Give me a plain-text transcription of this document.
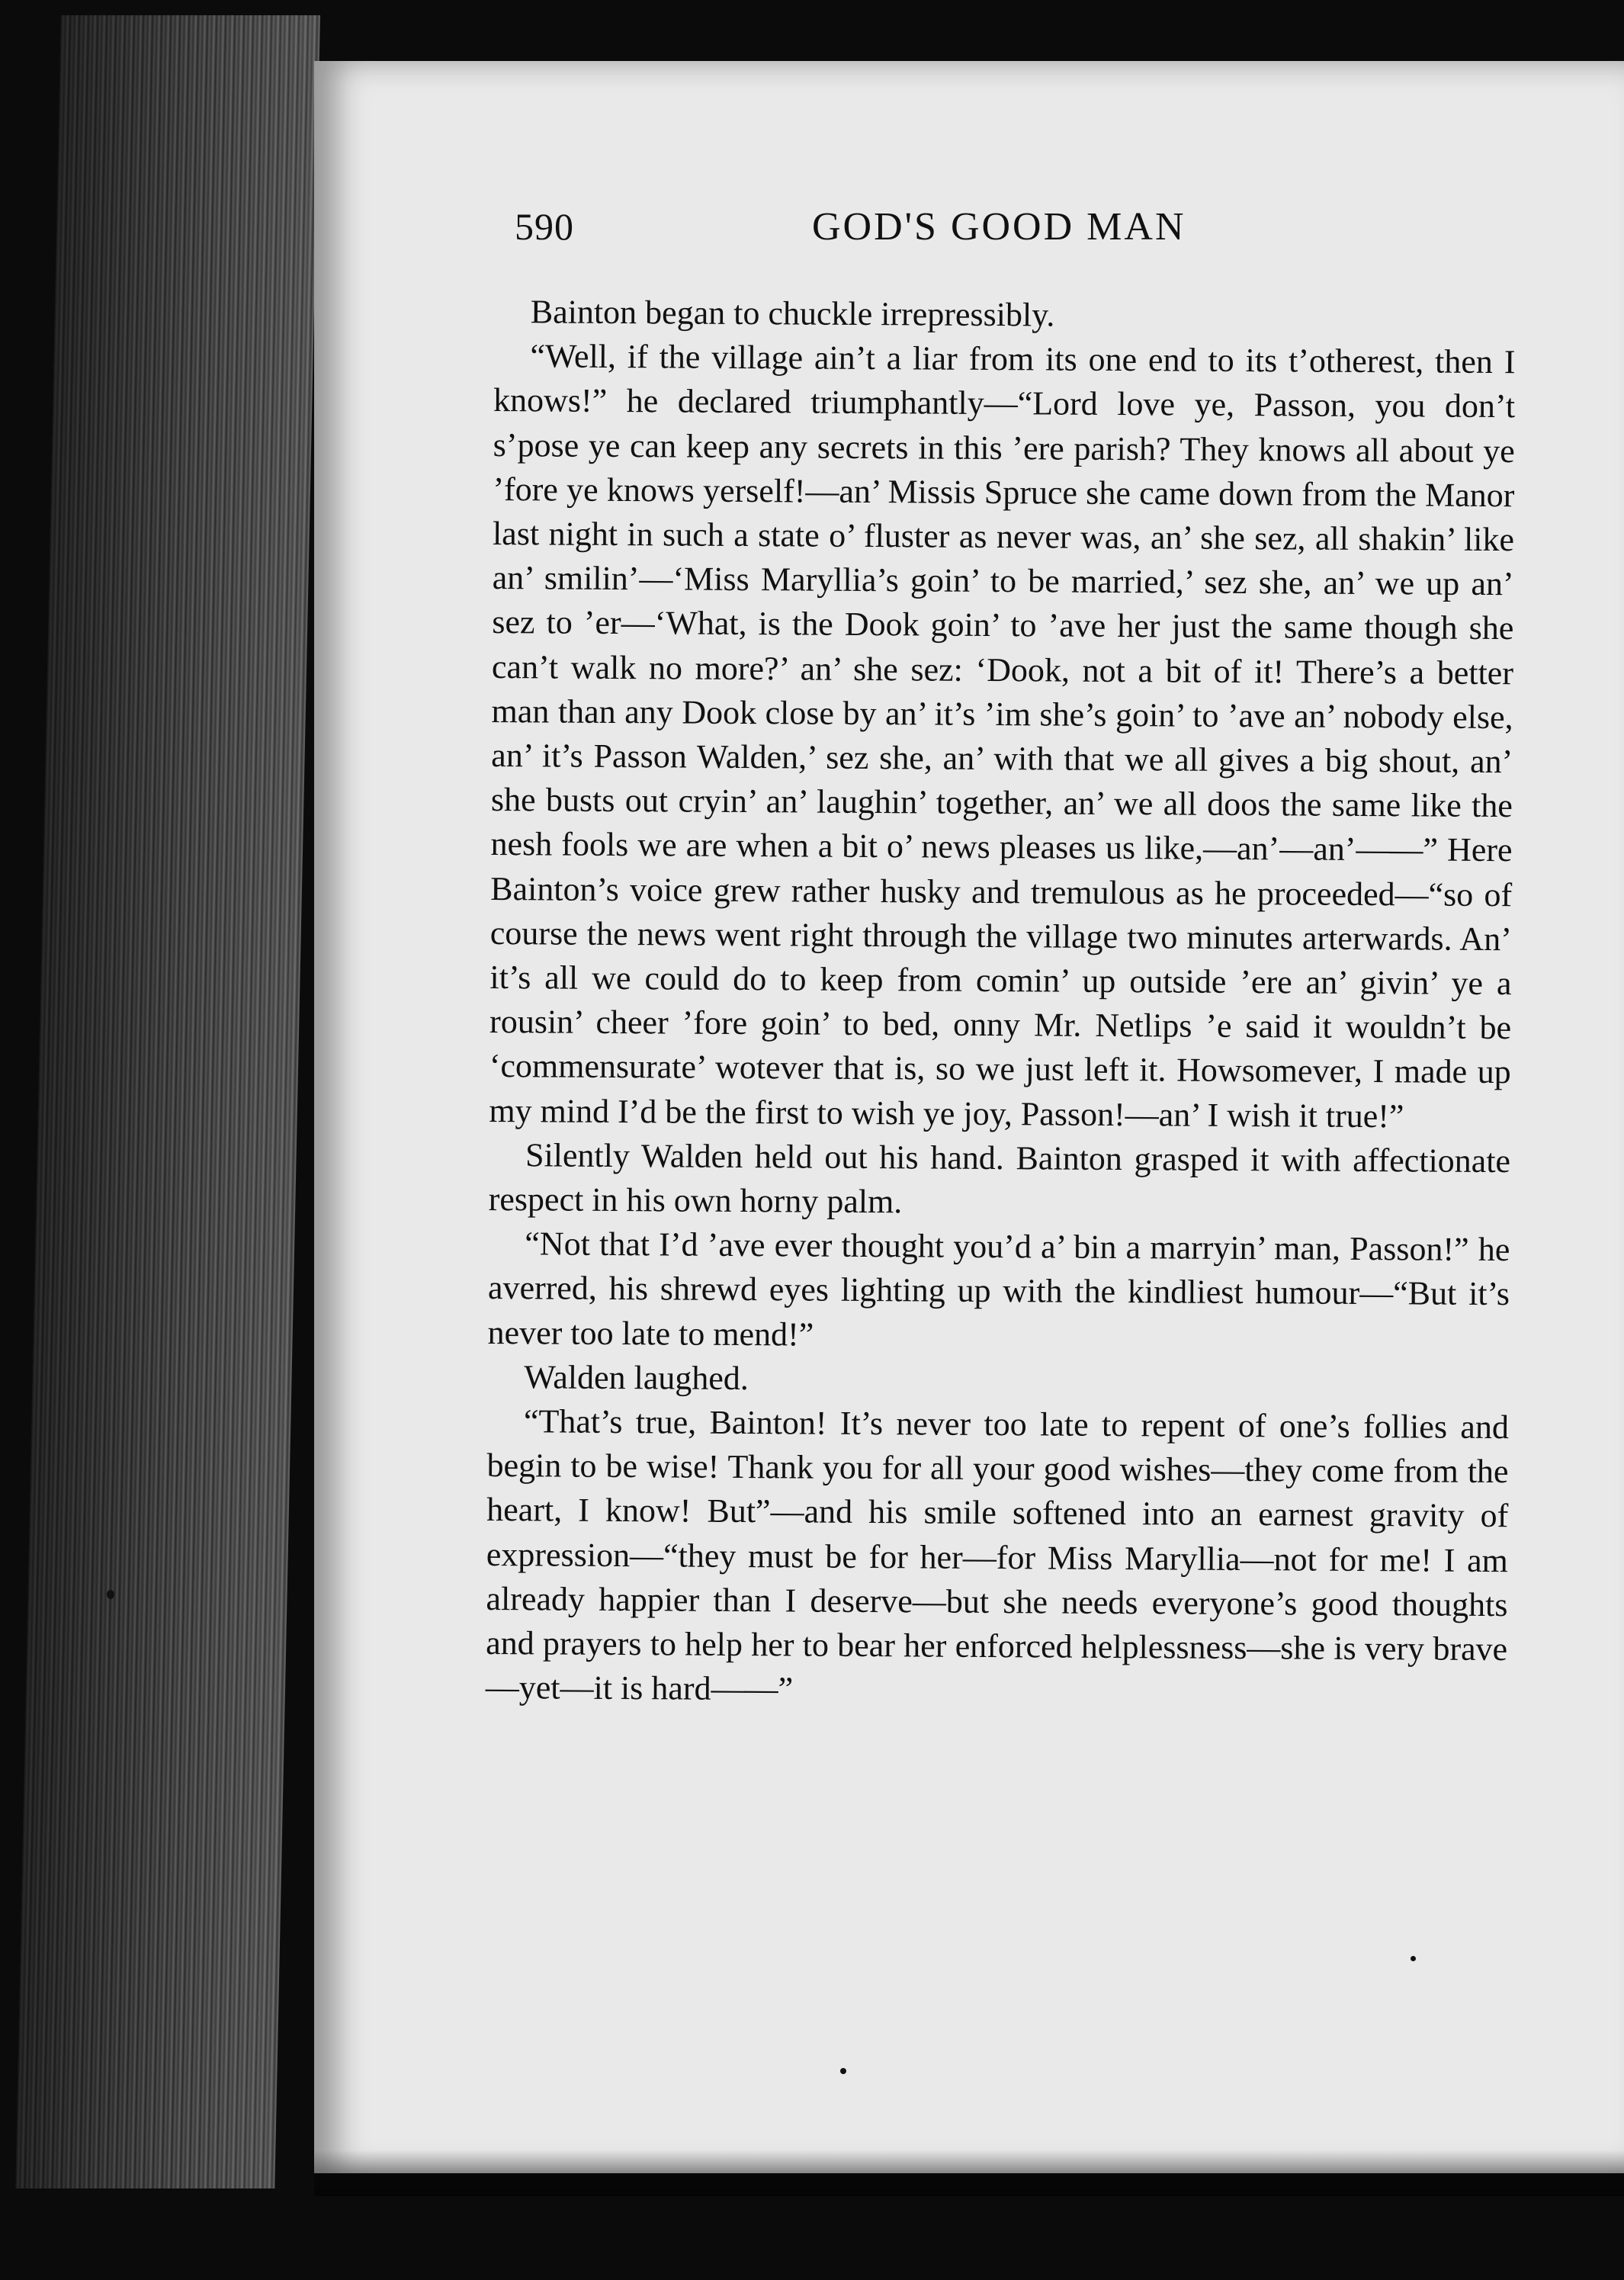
590	GOD'S GOOD MAN

Bainton began to chuckle irrepressibly.

“Well, if the village ain’t a liar from its one end to its t’otherest, then I knows!” he declared triumphantly—“Lord love ye, Passon, you don’t s’pose ye can keep any secrets in this ’ere parish? They knows all about ye ’fore ye knows yerself!—an’ Missis Spruce she came down from the Manor last night in such a state o’ fluster as never was, an’ she sez, all shakin’ like an’ smilin’—‘Miss Maryllia’s goin’ to be married,’ sez she, an’ we up an’ sez to ’er—‘What, is the Dook goin’ to ’ave her just the same though she can’t walk no more?’ an’ she sez: ‘Dook, not a bit of it! There’s a better man than any Dook close by an’ it’s ’im she’s goin’ to ’ave an’ nobody else, an’ it’s Passon Walden,’ sez she, an’ with that we all gives a big shout, an’ she busts out cryin’ an’ laughin’ together, an’ we all doos the same like the nesh fools we are when a bit o’ news pleases us like,—an’—an’——” Here Bainton’s voice grew rather husky and tremulous as he proceeded—“so of course the news went right through the village two minutes arterwards. An’ it’s all we could do to keep from comin’ up outside ’ere an’ givin’ ye a rousin’ cheer ’fore goin’ to bed, onny Mr. Netlips ’e said it wouldn’t be ‘commensurate’ wotever that is, so we just left it. Howsomever, I made up my mind I’d be the first to wish ye joy, Passon!—an’ I wish it true!”

Silently Walden held out his hand. Bainton grasped it with affectionate respect in his own horny palm.

“Not that I’d ’ave ever thought you’d a’ bin a marryin’ man, Passon!” he averred, his shrewd eyes lighting up with the kindliest humour—“But it’s never too late to mend!”

Walden laughed.

“That’s true, Bainton! It’s never too late to repent of one’s follies and begin to be wise! Thank you for all your good wishes—they come from the heart, I know! But”—and his smile softened into an earnest gravity of expression—“they must be for her—for Miss Maryllia—not for me! I am already happier than I deserve—but she needs everyone’s good thoughts and prayers to help her to bear her enforced helplessness—she is very brave—yet—it is hard——”
